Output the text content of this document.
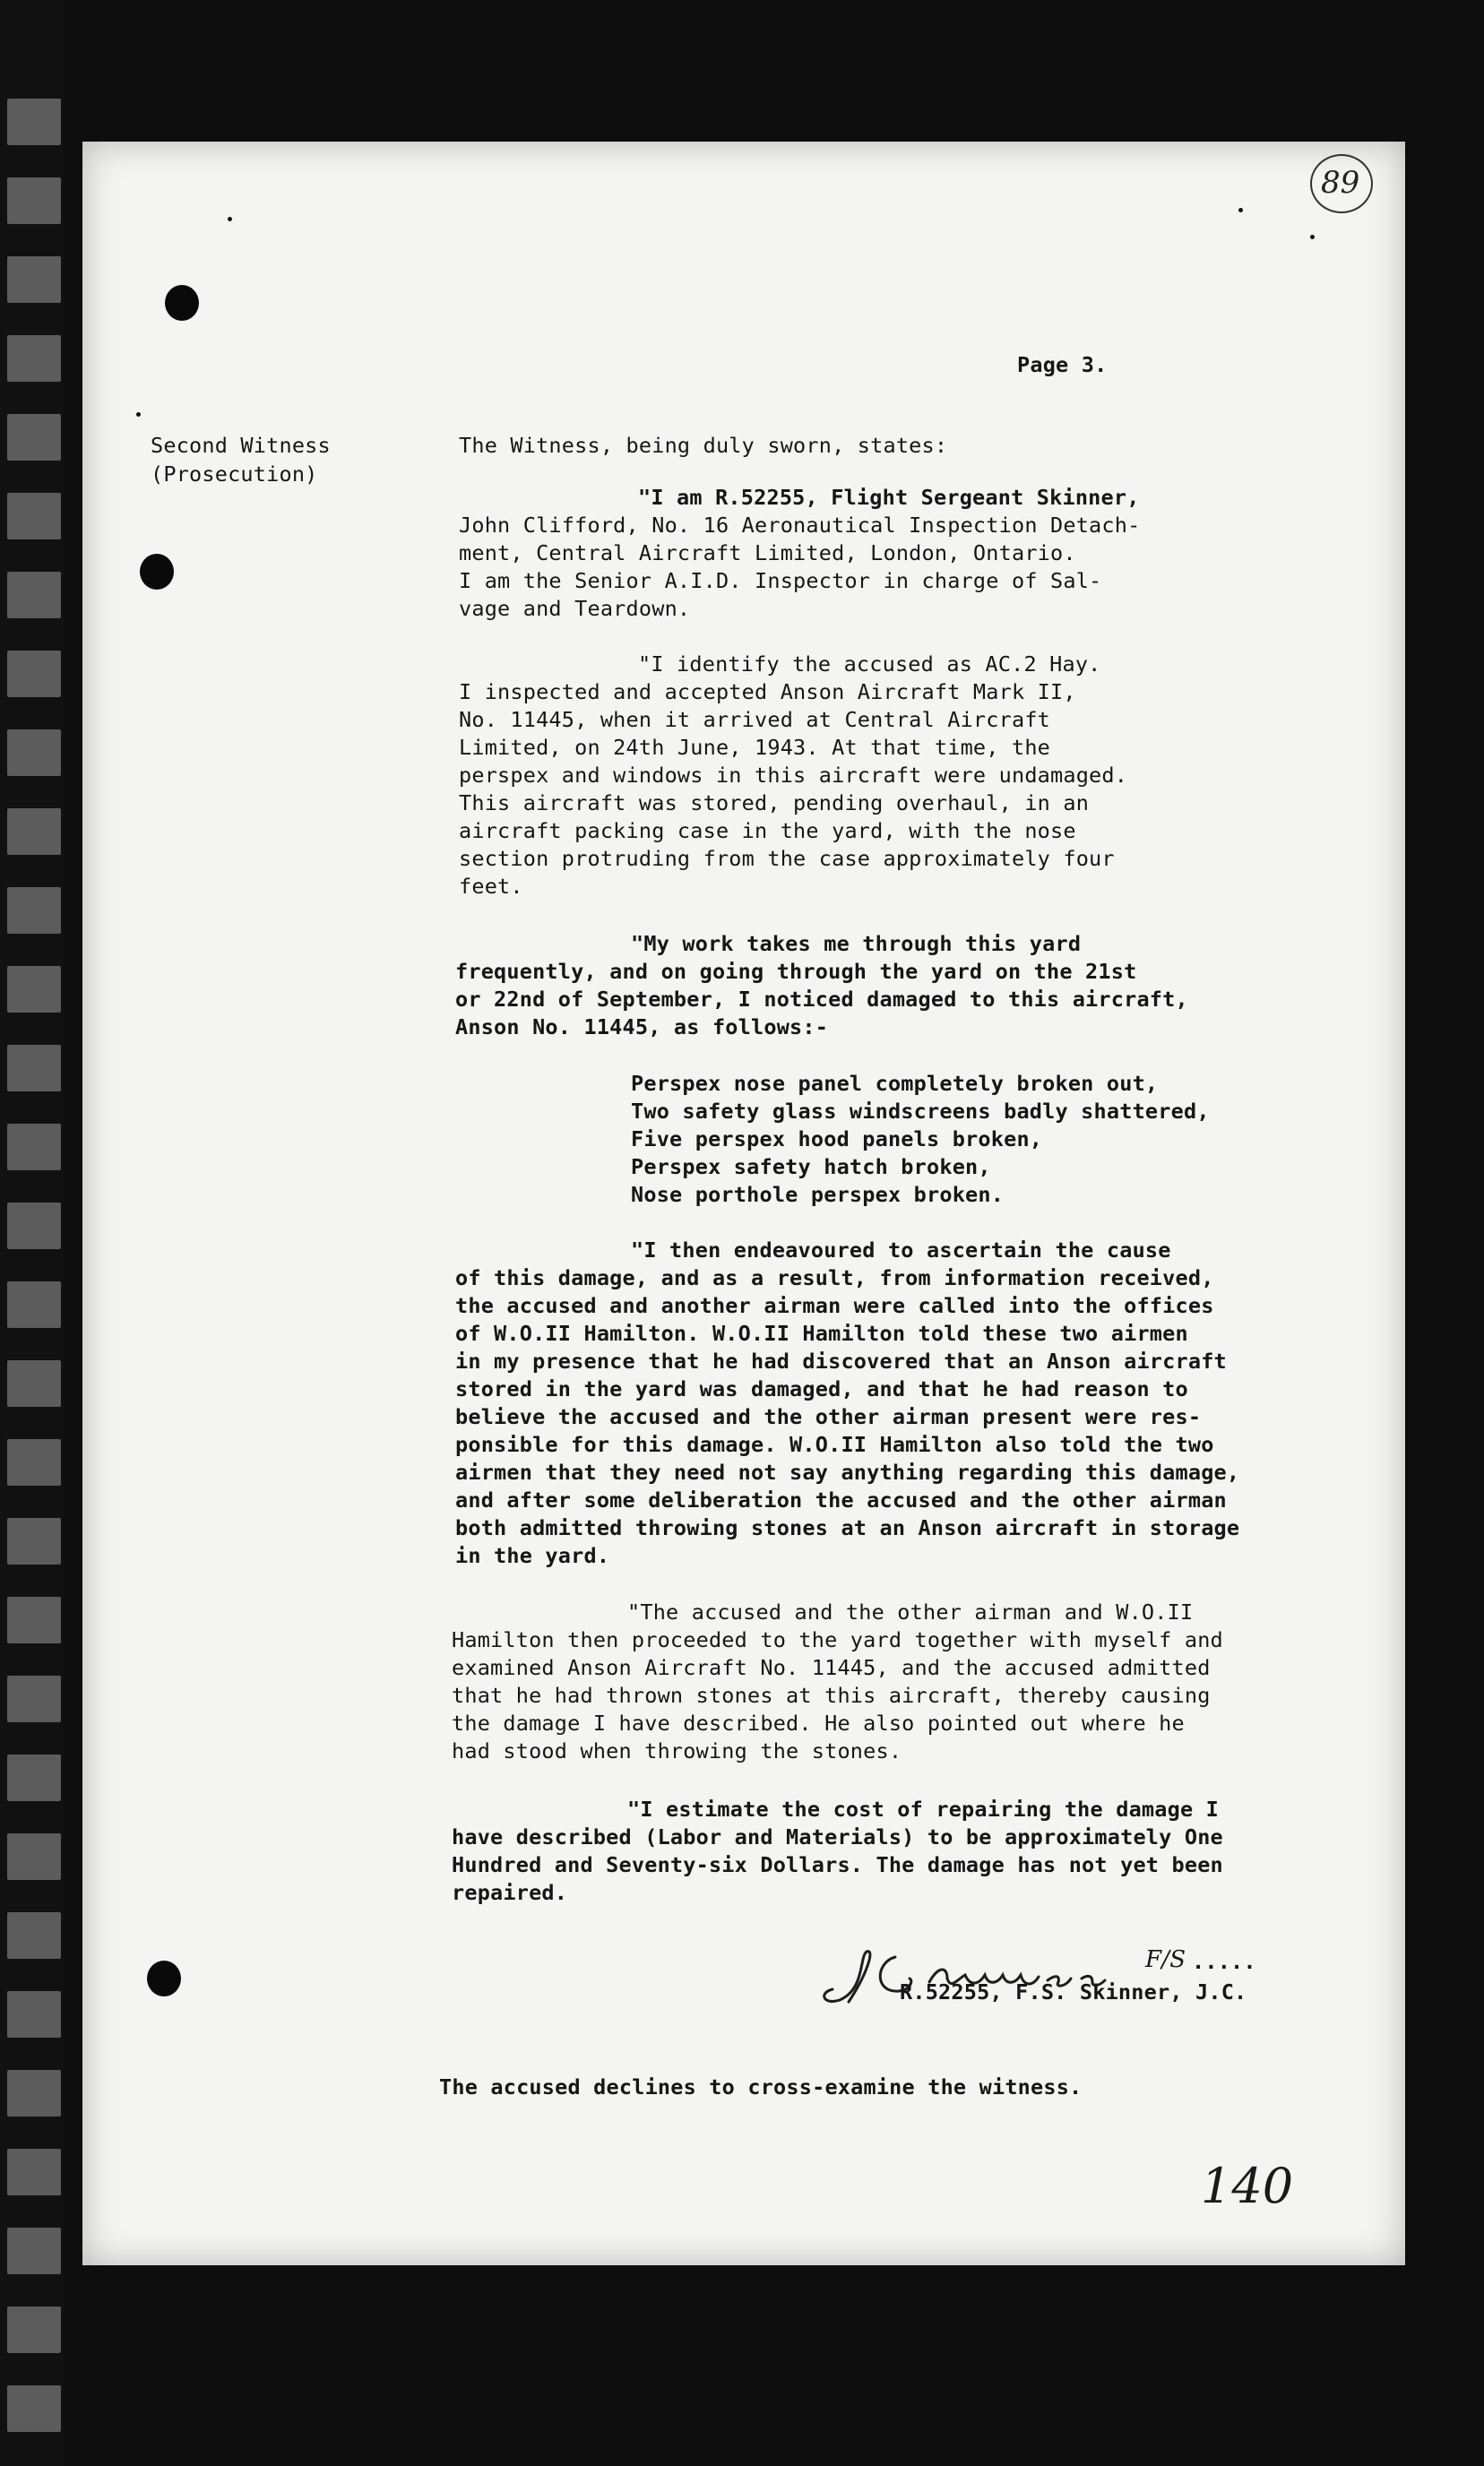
89
Page 3.
Second Witness
(Prosecution)
The Witness, being duly sworn, states:
"I am R.52255, Flight Sergeant Skinner,
John Clifford, No. 16 Aeronautical Inspection Detach-
ment, Central Aircraft Limited, London, Ontario.
I am the Senior A.I.D. Inspector in charge of Sal-
vage and Teardown.
"I identify the accused as AC.2 Hay.
I inspected and accepted Anson Aircraft Mark II,
No. 11445, when it arrived at Central Aircraft
Limited, on 24th June, 1943. At that time, the
perspex and windows in this aircraft were undamaged.
This aircraft was stored, pending overhaul, in an
aircraft packing case in the yard, with the nose
section protruding from the case approximately four
feet.
"My work takes me through this yard
frequently, and on going through the yard on the 21st
or 22nd of September, I noticed damaged to this aircraft,
Anson No. 11445, as follows:-
Perspex nose panel completely broken out,
Two safety glass windscreens badly shattered,
Five perspex hood panels broken,
Perspex safety hatch broken,
Nose porthole perspex broken.
"I then endeavoured to ascertain the cause
of this damage, and as a result, from information received,
the accused and another airman were called into the offices
of W.O.II Hamilton. W.O.II Hamilton told these two airmen
in my presence that he had discovered that an Anson aircraft
stored in the yard was damaged, and that he had reason to
believe the accused and the other airman present were res-
ponsible for this damage. W.O.II Hamilton also told the two
airmen that they need not say anything regarding this damage,
and after some deliberation the accused and the other airman
both admitted throwing stones at an Anson aircraft in storage
in the yard.
"The accused and the other airman and W.O.II
Hamilton then proceeded to the yard together with myself and
examined Anson Aircraft No. 11445, and the accused admitted
that he had thrown stones at this aircraft, thereby causing
the damage I have described. He also pointed out where he
had stood when throwing the stones.
"I estimate the cost of repairing the damage I
have described (Labor and Materials) to be approximately One
Hundred and Seventy-six Dollars. The damage has not yet been
repaired.
F/S .....
R.52255, F.S. Skinner, J.C.
The accused declines to cross-examine the witness.
140
